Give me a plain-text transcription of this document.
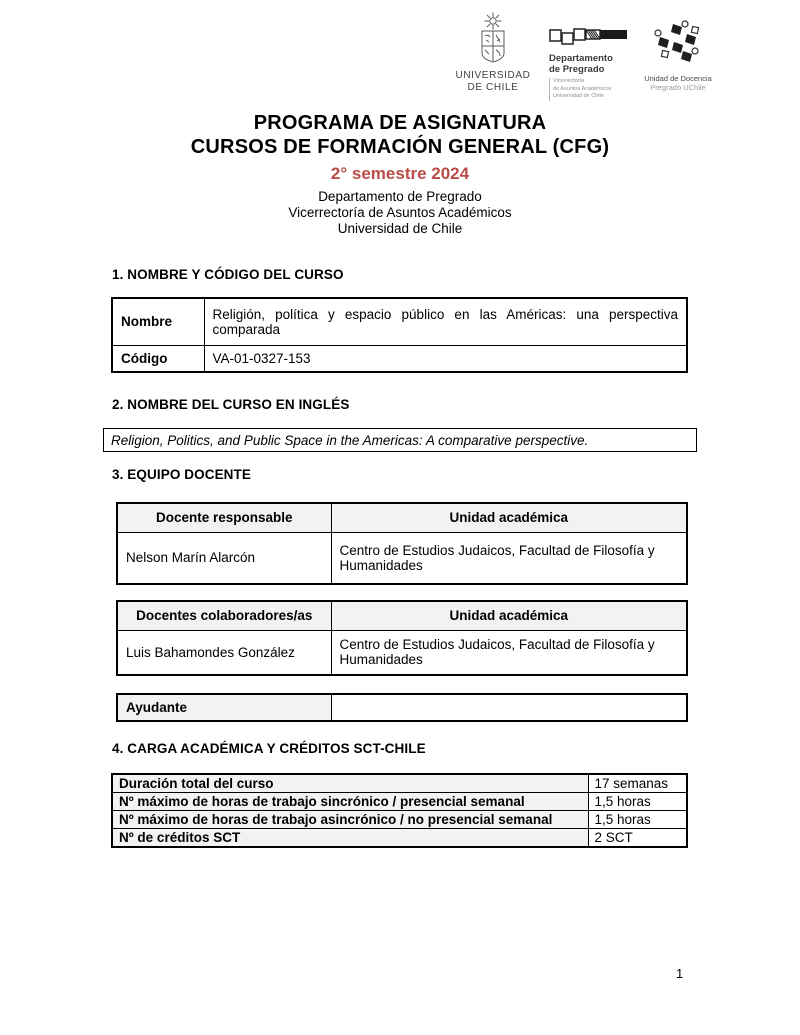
UNIVERSIDAD
DE CHILE
Departamento
de Pregrado
Vicerrectoría
de Asuntos Académicos
Universidad de Chile
Unidad de Docencia
Pregrado UChile
PROGRAMA DE ASIGNATURA
CURSOS DE FORMACIÓN GENERAL (CFG)
2° semestre 2024
Departamento de Pregrado
Vicerrectoría de Asuntos Académicos
Universidad de Chile
1. NOMBRE Y CÓDIGO DEL CURSO
Nombre	Religión, política y espacio público en las Américas: una perspectiva comparada
Código	VA-01-0327-153
2. NOMBRE DEL CURSO EN INGLÉS
Religion, Politics, and Public Space in the Americas: A comparative perspective.
3. EQUIPO DOCENTE
Docente responsable	Unidad académica
Nelson Marín Alarcón	Centro de Estudios Judaicos, Facultad de Filosofía y Humanidades
Docentes colaboradores/as	Unidad académica
Luis Bahamondes González	Centro de Estudios Judaicos, Facultad de Filosofía y Humanidades
Ayudante	
4. CARGA ACADÉMICA Y CRÉDITOS SCT-CHILE
Duración total del curso	17 semanas
Nº máximo de horas de trabajo sincrónico / presencial semanal	1,5 horas
Nº máximo de horas de trabajo asincrónico / no presencial semanal	1,5 horas
Nº de créditos SCT	2 SCT
1
